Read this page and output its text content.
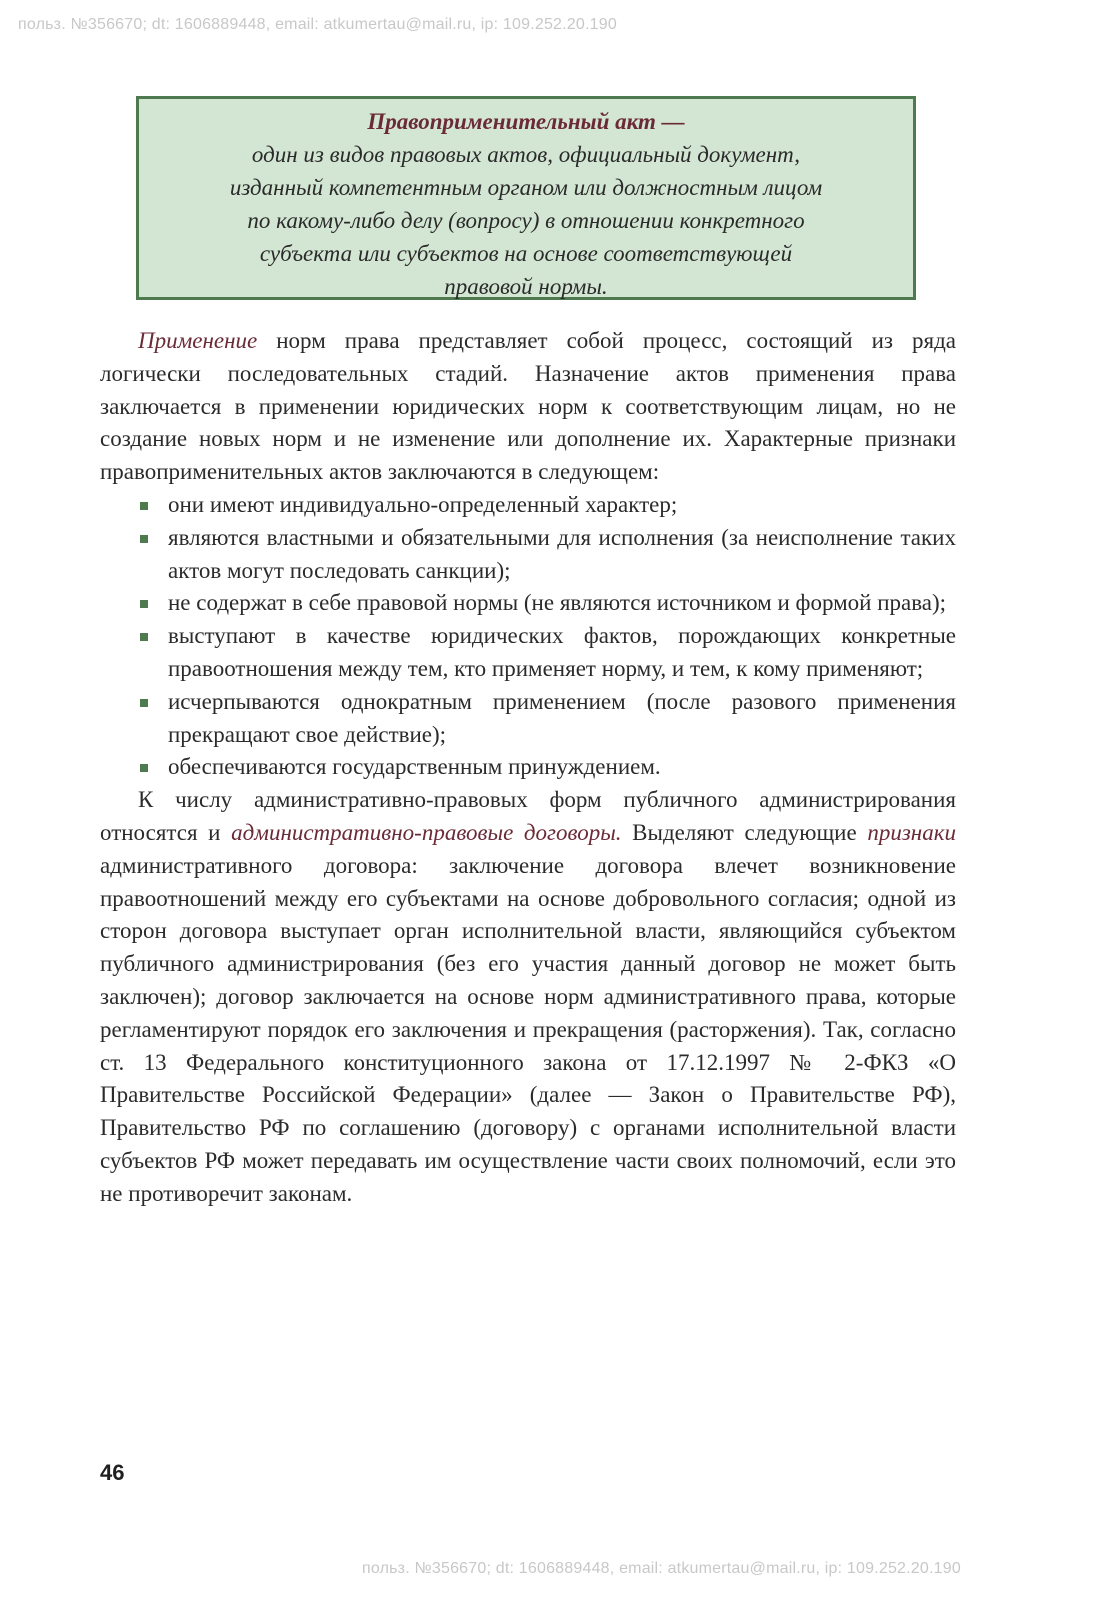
польз. №356670; dt: 1606889448, email: atkumertau@mail.ru, ip: 109.252.20.190
Правоприменительный акт —
один из видов правовых актов, официальный документ,
изданный компетентным органом или должностным лицом
по какому-либо делу (вопросу) в отношении конкретного
субъекта или субъектов на основе соответствующей
правовой нормы.

Применение норм права представляет собой процесс, состоящий из ряда логически последовательных стадий. Назначение актов применения права заключается в применении юридических норм к соответствующим лицам, но не создание новых норм и не изменение или дополнение их. Характерные признаки правоприменительных актов заключаются в следующем:

они имеют индивидуально-определенный характер;
являются властными и обязательными для исполнения (за неисполнение таких актов могут последовать санкции);
не содержат в себе правовой нормы (не являются источником и формой права);
выступают в качестве юридических фактов, порождающих конкретные правоотношения между тем, кто применяет норму, и тем, к кому применяют;
исчерпываются однократным применением (после разового применения прекращают свое действие);
обеспечиваются государственным принуждением.

К числу административно-правовых форм публичного администрирования относятся и административно-правовые договоры. Выделяют следующие признаки административного договора: заключение договора влечет возникновение правоотношений между его субъектами на основе добровольного согласия; одной из сторон договора выступает орган исполнительной власти, являющийся субъектом публичного администрирования (без его участия данный договор не может быть заключен); договор заключается на основе норм административного права, которые регламентируют порядок его заключения и прекращения (расторжения). Так, согласно ст. 13 Федерального конституционного закона от 17.12.1997 № 2-ФКЗ «О Правительстве Российской Федерации» (далее — Закон о Правительстве РФ), Правительство РФ по соглашению (договору) с органами исполнительной власти субъектов РФ может передавать им осуществление части своих полномочий, если это не противоречит законам.

46
польз. №356670; dt: 1606889448, email: atkumertau@mail.ru, ip: 109.252.20.190
